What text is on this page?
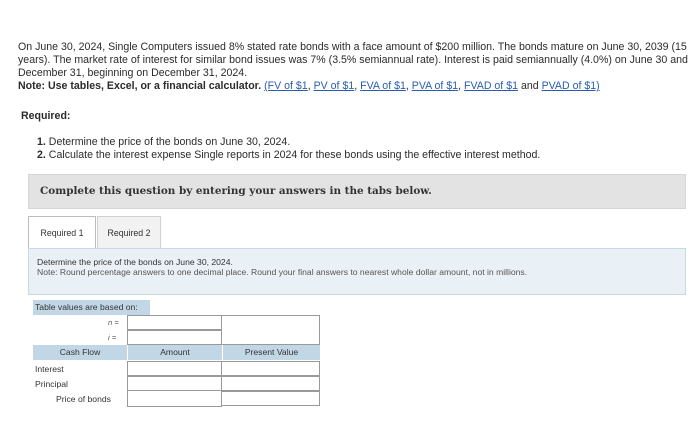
On June 30, 2024, Single Computers issued 8% stated rate bonds with a face amount of $200 million. The bonds mature on June 30, 2039 (15 years). The market rate of interest for similar bond issues was 7% (3.5% semiannual rate). Interest is paid semiannually (4.0%) on June 30 and December 31, beginning on December 31, 2024.
Note: Use tables, Excel, or a financial calculator. (FV of $1, PV of $1, FVA of $1, PVA of $1, FVAD of $1 and PVAD of $1)
Required:
1. Determine the price of the bonds on June 30, 2024.
2. Calculate the interest expense Single reports in 2024 for these bonds using the effective interest method.
Complete this question by entering your answers in the tabs below.
Required 1	Required 2
Determine the price of the bonds on June 30, 2024.
Note: Round percentage answers to one decimal place. Round your final answers to nearest whole dollar amount, not in millions.
Table values are based on:
n =
i =
Cash Flow	Amount	Present Value
Interest
Principal
Price of bonds
